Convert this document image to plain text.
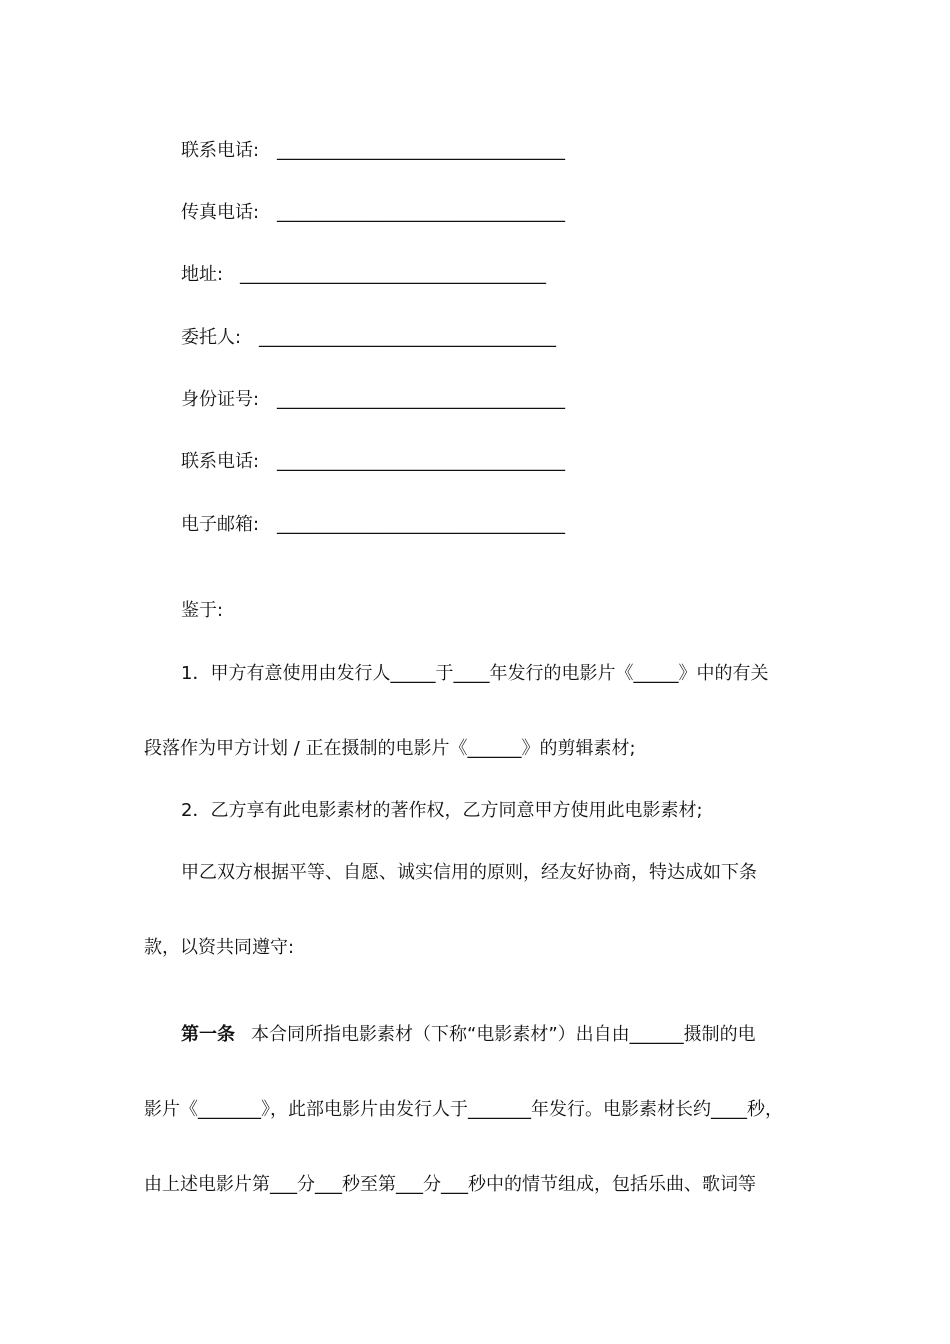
联系电话: ________________________________
传真电话: ________________________________
地址: __________________________________
委托人: _________________________________
身份证号: ________________________________
联系电话: ________________________________
电子邮箱: ________________________________
鉴于:
1．甲方有意使用由发行人_____于____年发行的电影片《_____》中的有关
段落作为甲方计划 / 正在摄制的电影片《______》的剪辑素材;
2．乙方享有此电影素材的著作权，乙方同意甲方使用此电影素材;
甲乙双方根据平等、自愿、诚实信用的原则，经友好协商，特达成如下条
款，以资共同遵守:
第一条 本合同所指电影素材（下称“电影素材”）出自由______摄制的电
影片《_______》，此部电影片由发行人于_______年发行。电影素材长约____秒，
由上述电影片第___分___秒至第___分___秒中的情节组成，包括乐曲、歌词等
